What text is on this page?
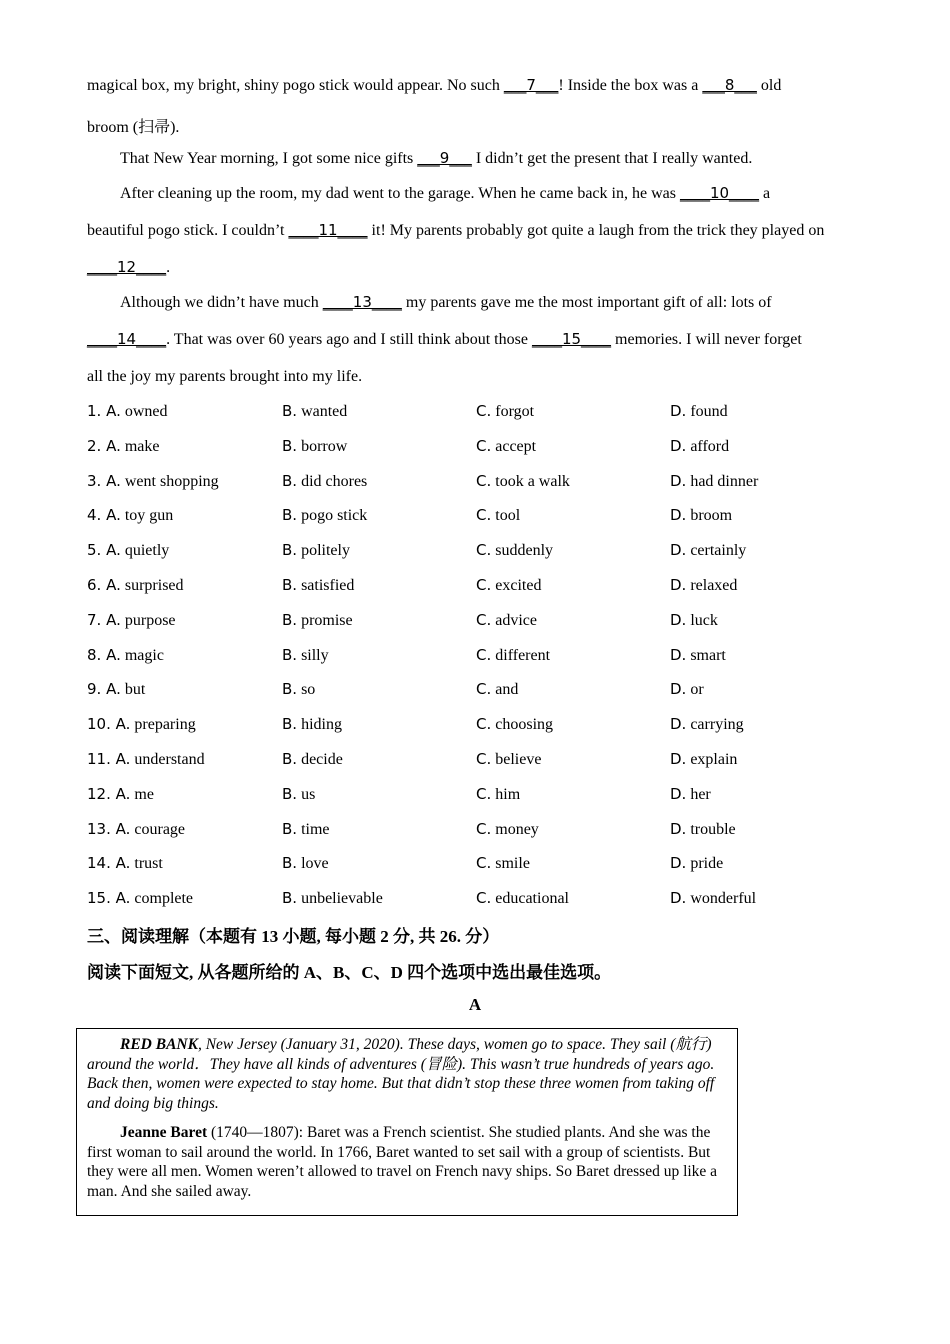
magical box, my bright, shiny pogo stick would appear. No such ___7___! Inside the box was a ___8___ old
broom (扫帚).
That New Year morning, I got some nice gifts ___9___ I didn’t get the present that I really wanted.
After cleaning up the room, my dad went to the garage. When he came back in, he was ____10____ a
beautiful pogo stick. I couldn’t ____11____ it! My parents probably got quite a laugh from the trick they played on
____12____.
Although we didn’t have much ____13____ my parents gave me the most important gift of all: lots of
____14____. That was over 60 years ago and I still think about those ____15____ memories. I will never forget
all the joy my parents brought into my life.
1. A. owned	B. wanted	C. forgot	D. found
2. A. make	B. borrow	C. accept	D. afford
3. A. went shopping	B. did chores	C. took a walk	D. had dinner
4. A. toy gun	B. pogo stick	C. tool	D. broom
5. A. quietly	B. politely	C. suddenly	D. certainly
6. A. surprised	B. satisfied	C. excited	D. relaxed
7. A. purpose	B. promise	C. advice	D. luck
8. A. magic	B. silly	C. different	D. smart
9. A. but	B. so	C. and	D. or
10. A. preparing	B. hiding	C. choosing	D. carrying
11. A. understand	B. decide	C. believe	D. explain
12. A. me	B. us	C. him	D. her
13. A. courage	B. time	C. money	D. trouble
14. A. trust	B. love	C. smile	D. pride
15. A. complete	B. unbelievable	C. educational	D. wonderful
三、阅读理解（本题有 13 小题, 每小题 2 分, 共 26. 分）
阅读下面短文, 从各题所给的 A、B、C、D 四个选项中选出最佳选项。
A

RED BANK, New Jersey (January 31, 2020). These days, women go to space. They sail (航行) around the world．They have all kinds of adventures (冒险). This wasn’t true hundreds of years ago. Back then, women were expected to stay home. But that didn’t stop these three women from taking off and doing big things.

Jeanne Baret (1740—1807): Baret was a French scientist. She studied plants. And she was the first woman to sail around the world. In 1766, Baret wanted to set sail with a group of scientists. But they were all men. Women weren’t allowed to travel on French navy ships. So Baret dressed up like a man. And she sailed away.
